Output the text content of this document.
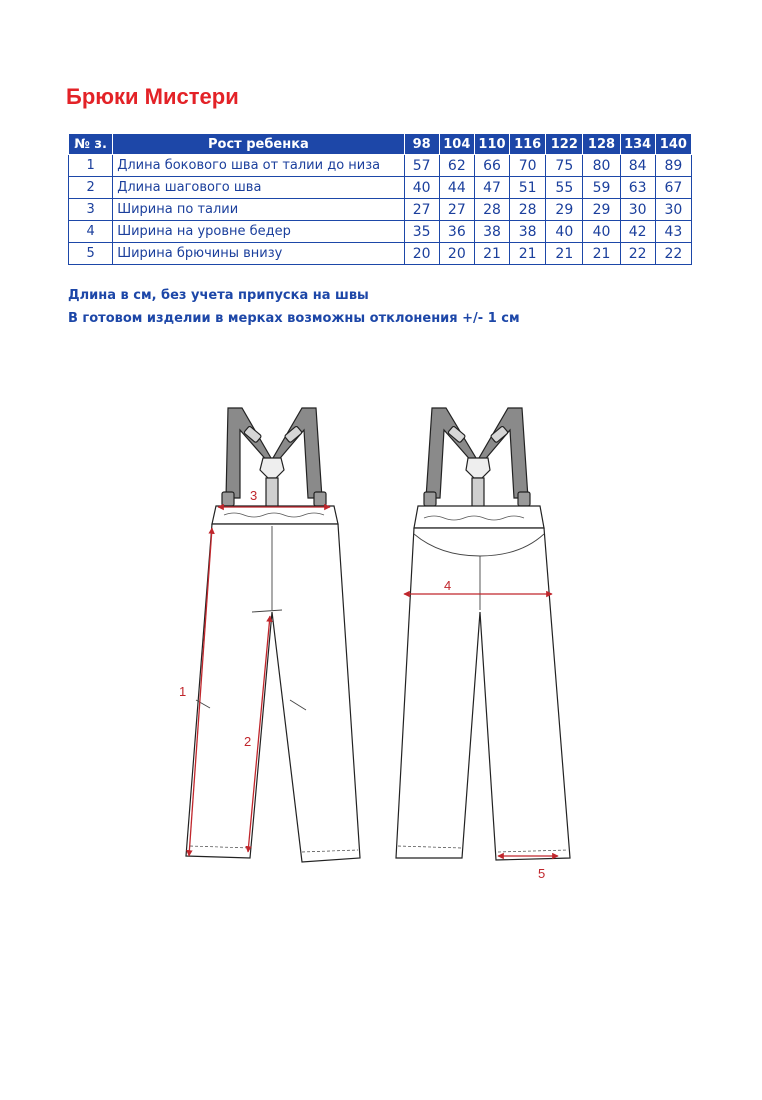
Брюки Мистери
№ з.	Рост ребенка	98	104	110	116	122	128	134	140
1	Длина бокового шва от талии до низа	57	62	66	70	75	80	84	89
2	Длина шагового шва	40	44	47	51	55	59	63	67
3	Ширина по талии	27	27	28	28	29	29	30	30
4	Ширина на уровне бедер	35	36	38	38	40	40	42	43
5	Ширина брючины внизу	20	20	21	21	21	21	22	22

Длина в см, без учета припуска на швы

В готовом изделии в мерках возможны отклонения +/- 1 см

1
2
3
4
5
